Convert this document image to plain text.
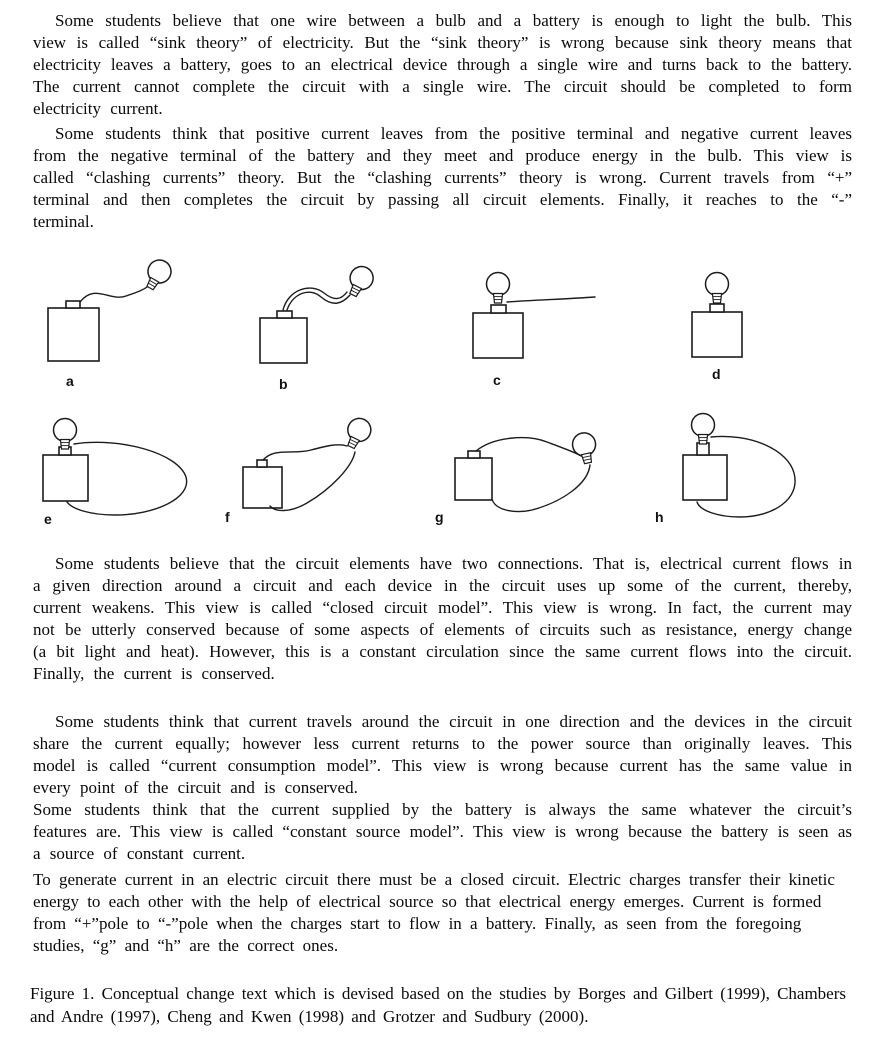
Some students believe that one wire between a bulb and a battery is enough to light the bulb. This view is called “sink theory” of electricity. But the “sink theory” is wrong because sink theory means that electricity leaves a battery, goes to an electrical device through a single wire and turns back to the battery. The current cannot complete the circuit with a single wire. The circuit should be completed to form electricity current.

Some students think that positive current leaves from the positive terminal and negative current leaves from the negative terminal of the battery and they meet and produce energy in the bulb. This view is called “clashing currents” theory. But the “clashing currents” theory is wrong. Current travels from “+” terminal and then completes the circuit by passing all circuit elements. Finally, it reaches to the “-” terminal.

Some students believe that the circuit elements have two connections. That is, electrical current flows in a given direction around a circuit and each device in the circuit uses up some of the current, thereby, current weakens. This view is called “closed circuit model”. This view is wrong. In fact, the current may not be utterly conserved because of some aspects of elements of circuits such as resistance, energy change (a bit light and heat). However, this is a constant circulation since the same current flows into the circuit. Finally, the current is conserved.

Some students think that current travels around the circuit in one direction and the devices in the circuit share the current equally; however less current returns to the power source than originally leaves. This model is called “current consumption model”. This view is wrong because current has the same value in every point of the circuit and is conserved.

Some students think that the current supplied by the battery is always the same whatever the circuit’s features are. This view is called “constant source model”. This view is wrong because the battery is seen as a source of constant current.

To generate current in an electric circuit there must be a closed circuit. Electric charges transfer their kinetic energy to each other with the help of electrical source so that electrical energy emerges. Current is formed from “+”pole to “-”pole when the charges start to flow in a battery. Finally, as seen from the foregoing studies, “g” and “h” are the correct ones.

a	b	c	d
e	f	g	h

Figure 1. Conceptual change text which is devised based on the studies by Borges and Gilbert (1999), Chambers and Andre (1997), Cheng and Kwen (1998) and Grotzer and Sudbury (2000).
